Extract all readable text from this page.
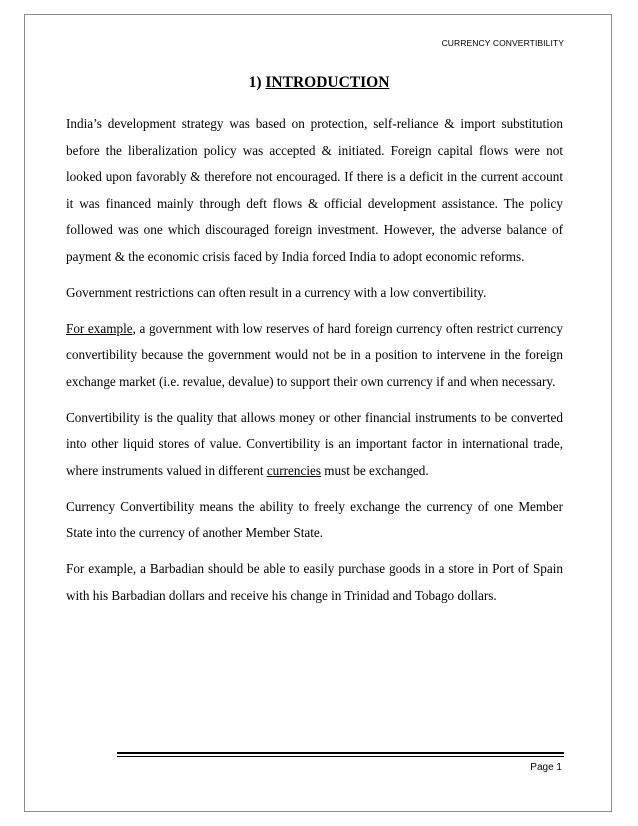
CURRENCY CONVERTIBILITY
1) INTRODUCTION

India’s development strategy was based on protection, self-reliance & import substitution before the liberalization policy was accepted & initiated. Foreign capital flows were not looked upon favorably & therefore not encouraged. If there is a deficit in the current account it was financed mainly through deft flows & official development assistance. The policy followed was one which discouraged foreign investment. However, the adverse balance of payment & the economic crisis faced by India forced India to adopt economic reforms.

Government restrictions can often result in a currency with a low convertibility.

For example, a government with low reserves of hard foreign currency often restrict currency convertibility because the government would not be in a position to intervene in the foreign exchange market (i.e. revalue, devalue) to support their own currency if and when necessary.

Convertibility is the quality that allows money or other financial instruments to be converted into other liquid stores of value. Convertibility is an important factor in international trade, where instruments valued in different currencies must be exchanged.

Currency Convertibility means the ability to freely exchange the currency of one Member State into the currency of another Member State.

For example, a Barbadian should be able to easily purchase goods in a store in Port of Spain with his Barbadian dollars and receive his change in Trinidad and Tobago dollars.

Page 1
